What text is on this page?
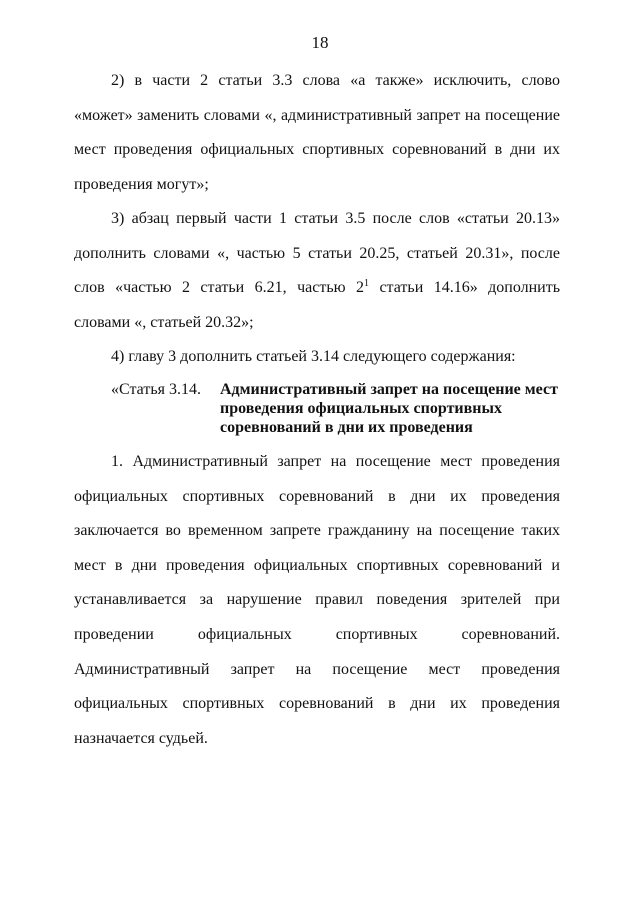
18

2) в части 2 статьи 3.3 слова «а также» исключить, слово «может» заменить словами «, административный запрет на посещение мест проведения официальных спортивных соревнований в дни их проведения могут»;

3) абзац первый части 1 статьи 3.5 после слов «статьи 20.13» дополнить словами «, частью 5 статьи 20.25, статьей 20.31», после слов «частью 2 статьи 6.21, частью $2^1$ статьи 14.16» дополнить словами «, статьей 20.32»;

4) главу 3 дополнить статьей 3.14 следующего содержания:

«Статья 3.14. Административный запрет на посещение мест проведения официальных спортивных соревнований в дни их проведения

1. Административный запрет на посещение мест проведения официальных спортивных соревнований в дни их проведения заключается во временном запрете гражданину на посещение таких мест в дни проведения официальных спортивных соревнований и устанавливается за нарушение правил поведения зрителей при проведении официальных спортивных соревнований. Административный запрет на посещение мест проведения официальных спортивных соревнований в дни их проведения назначается судьей.
